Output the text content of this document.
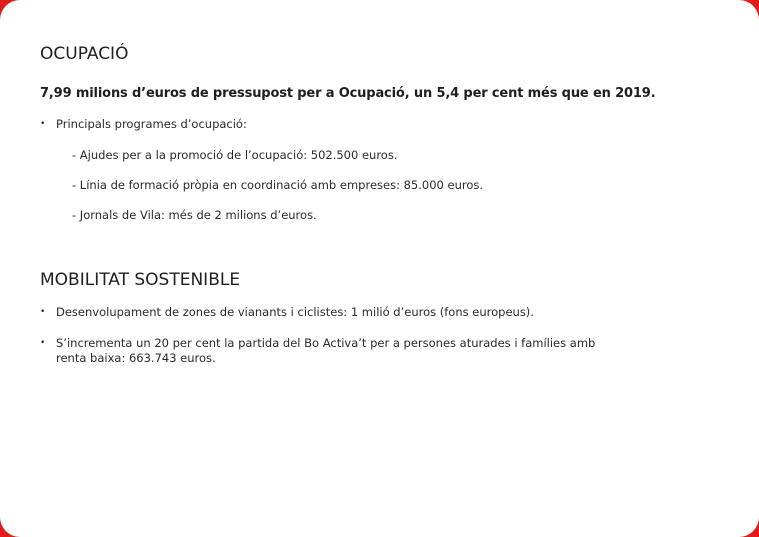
OCUPACIÓ

7,99 milions d’euros de pressupost per a Ocupació, un 5,4 per cent més que en 2019.

• Principals programes d’ocupació:
- Ajudes per a la promoció de l’ocupació: 502.500 euros.
- Línia de formació pròpia en coordinació amb empreses: 85.000 euros.
- Jornals de Vila: més de 2 milions d’euros.
MOBILITAT SOSTENIBLE
• Desenvolupament de zones de vianants i ciclistes: 1 milió d’euros (fons europeus).
• S’incrementa un 20 per cent la partida del Bo Activa’t per a persones aturades i famílies amb renta baixa: 663.743 euros.
